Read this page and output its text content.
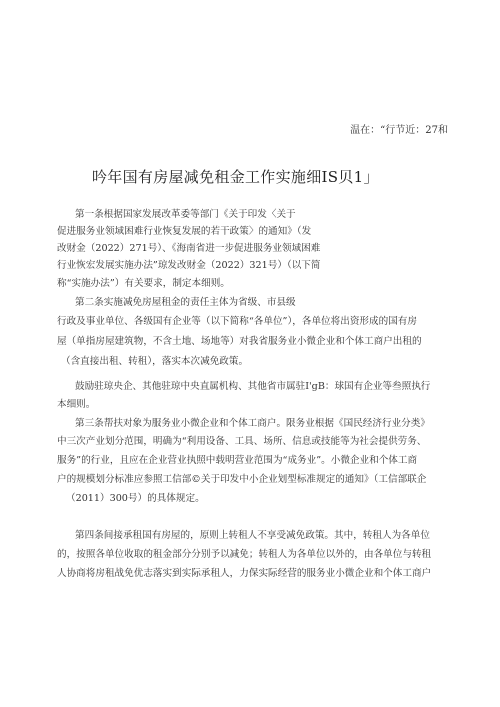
温在：“行节近：27和
吟年国有房屋减免租金工作实施细IS贝1」
第一条根据国家发展改革委等部门《关于印发〈关于
促进服务业领域困难行业恢复发展的若干政策〉的通知》（发
改财金（2022）271号）、《海南省进一步促进服务业领域困难
行业恢宏发展实施办法”琼发改财金（2022）321号）（以下简
称“实施办法”）有关要求，制定本细则。
第二条实施减免房屋租金的责任主体为省级、市县级
行政及事业单位、各级国有企业等（以下简称“各单位”），各单位将出资形成的国有房
屋（单指房屋建筑物，不含土地、场地等）对我省服务业小微企业和个体工商户出租的
（含直接出租、转租），落实本次减免政策。
鼓励驻琼央企、其他驻琼中央直属机构、其他省市属驻I'gB：球国有企业等叁照执行
本细则。
第三条帮扶对象为服务业小微企业和个体工商户。限务业根据《国民经济行业分类》
中三次产业划分范围，明确为“利用设备、工具、场所、信息或技能等为社会提供劳务、
服务”的行业，且应在企业营业执照中载明营业范围为“成务业”。小微企业和个体工商
户的规模划分标准应参照工信部©关于印发中小企业划型标准规定的通知》（工信部联企
（2011）300号）的具体规定。
第四条间接承租国有房屋的，原则上转租人不享受减免政策。其中，转租人为各单位
的，按照各单位收取的租金部分分别予以减免；转租人为各单位以外的，由各单位与转租
人协商将房租战免优志落实到实际承租人，力保实际经营的服务业小微企业和个体工商户
